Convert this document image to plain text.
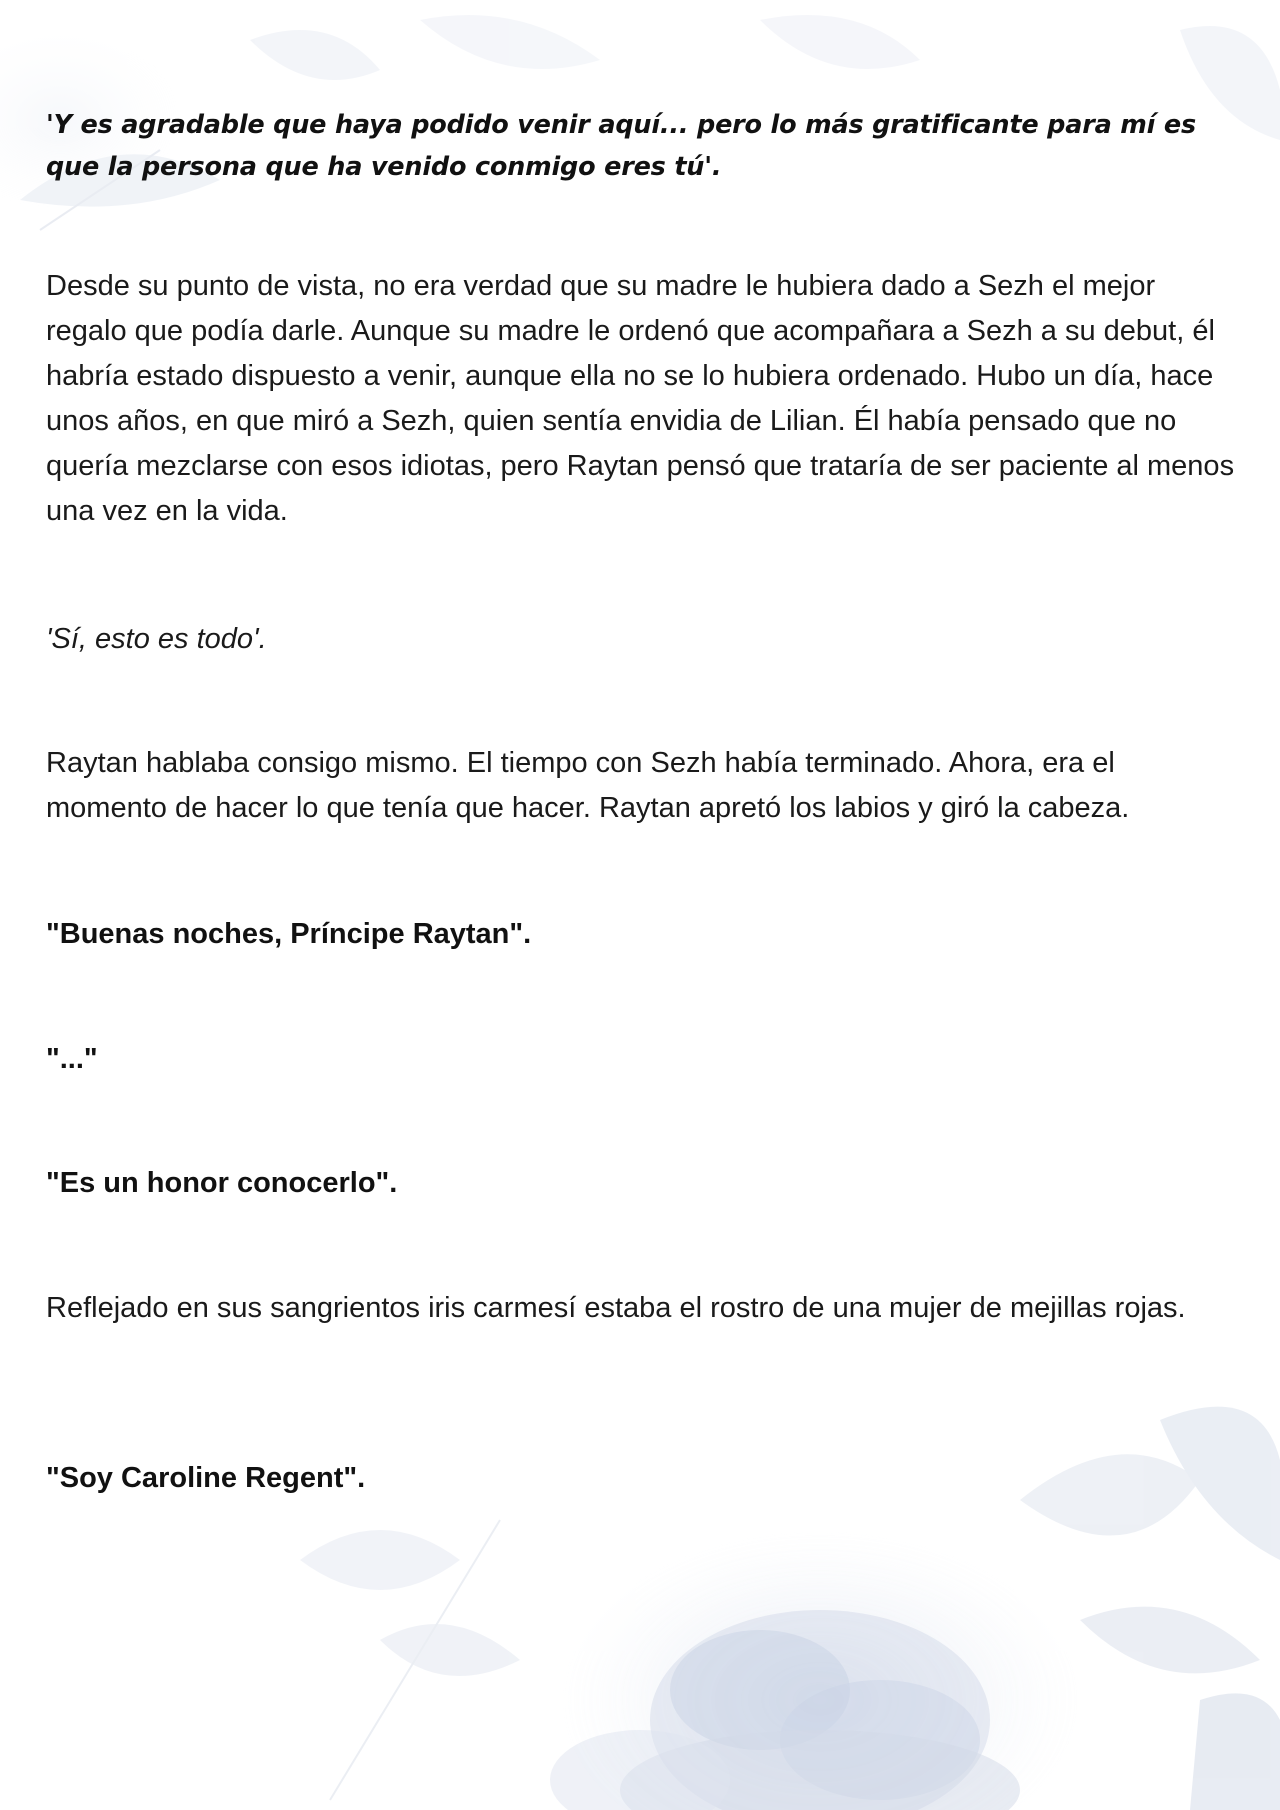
'Y es agradable que haya podido venir aquí... pero lo más gratificante para mí es que la persona que ha venido conmigo eres tú'.

Desde su punto de vista, no era verdad que su madre le hubiera dado a Sezh el mejor regalo que podía darle. Aunque su madre le ordenó que acompañara a Sezh a su debut, él habría estado dispuesto a venir, aunque ella no se lo hubiera ordenado. Hubo un día, hace unos años, en que miró a Sezh, quien sentía envidia de Lilian. Él había pensado que no quería mezclarse con esos idiotas, pero Raytan pensó que trataría de ser paciente al menos una vez en la vida.

'Sí, esto es todo'.

Raytan hablaba consigo mismo. El tiempo con Sezh había terminado. Ahora, era el momento de hacer lo que tenía que hacer. Raytan apretó los labios y giró la cabeza.

"Buenas noches, Príncipe Raytan".

"..."

"Es un honor conocerlo".

Reflejado en sus sangrientos iris carmesí estaba el rostro de una mujer de mejillas rojas.

"Soy Caroline Regent".
